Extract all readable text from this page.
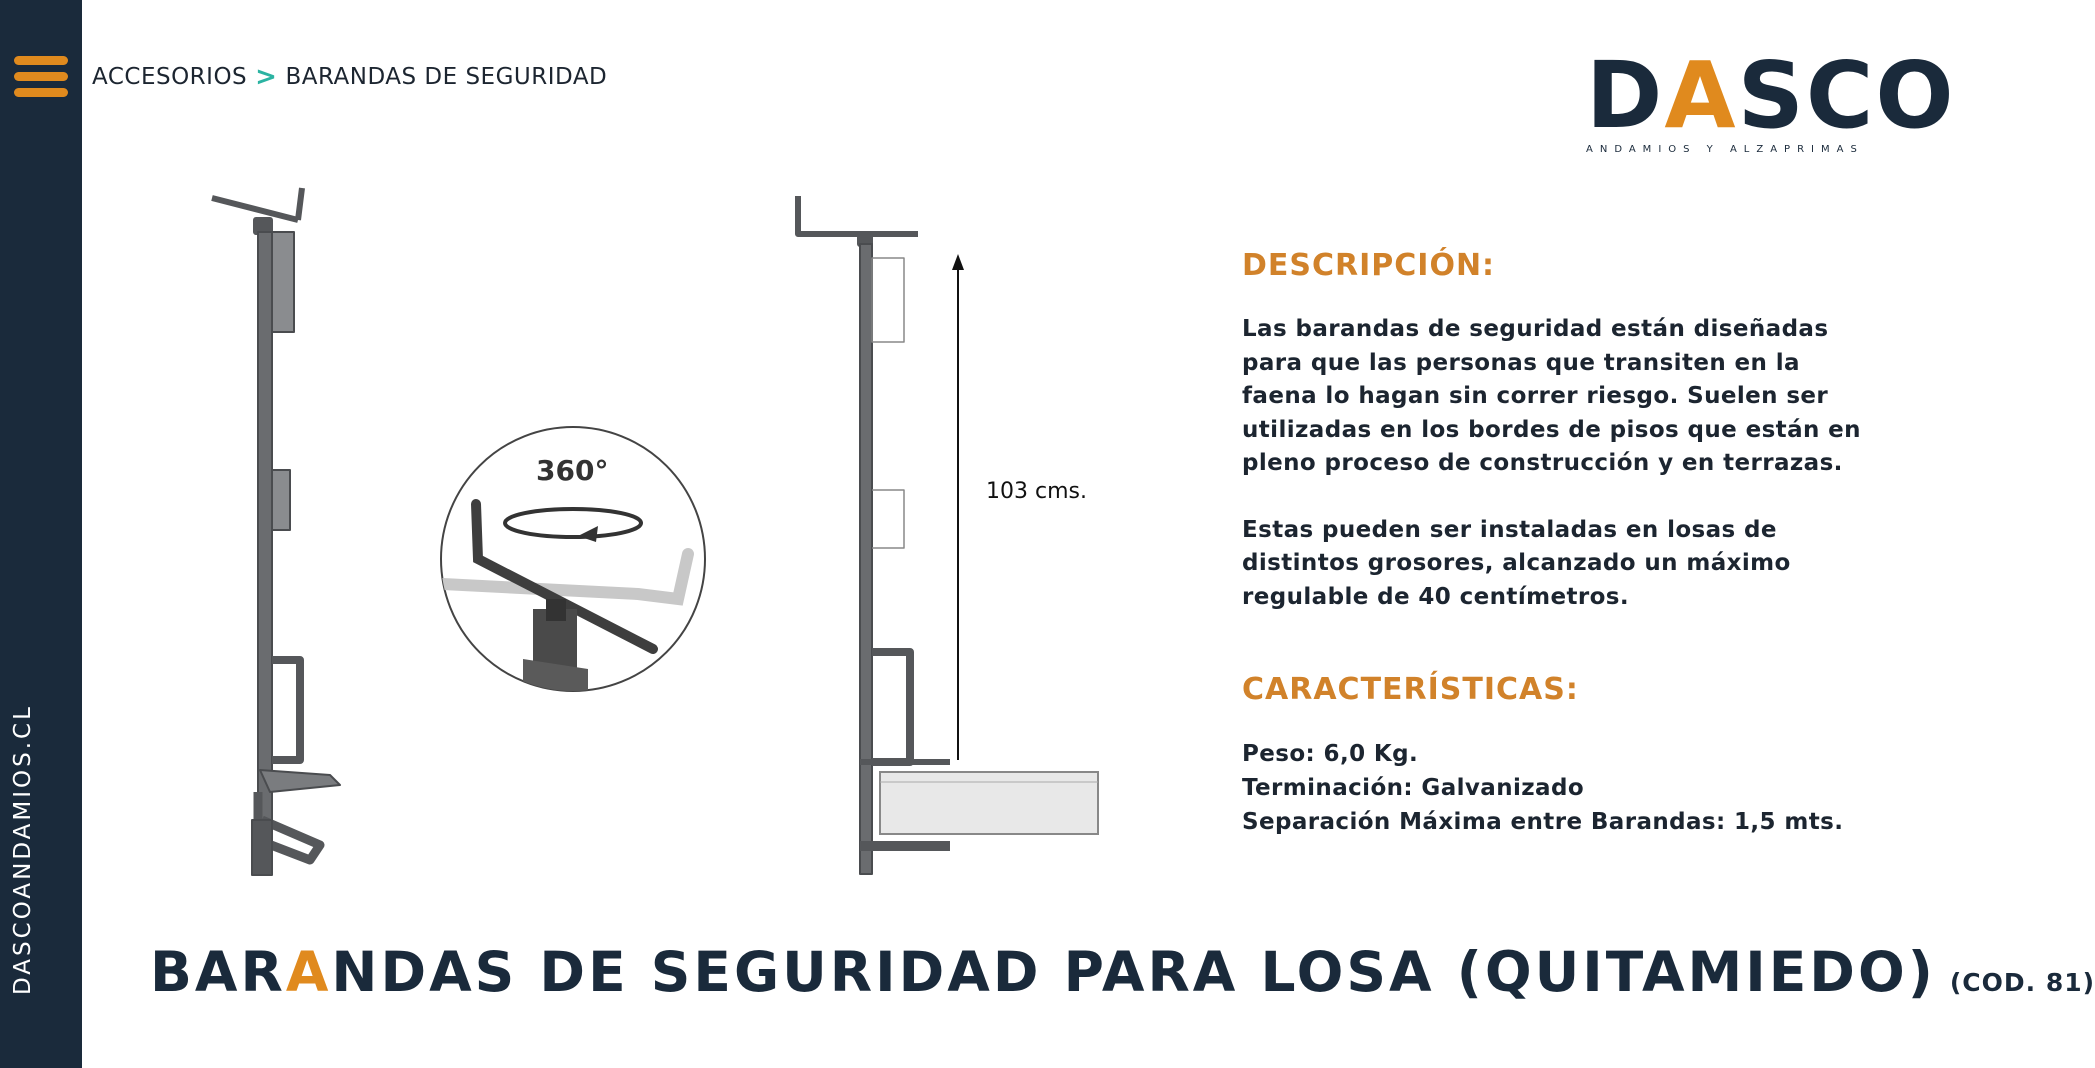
DASCOANDAMIOS.CL
ACCESORIOS > BARANDAS DE SEGURIDAD	DASCO
ANDAMIOS Y ALZAPRIMAS
360°
103 cms.
DESCRIPCIÓN:

Las barandas de seguridad están diseñadas para que las personas que transiten en la faena lo hagan sin correr riesgo. Suelen ser utilizadas en los bordes de pisos que están en pleno proceso de construcción y en terrazas.

Estas pueden ser instaladas en losas de distintos grosores, alcanzado un máximo regulable de 40 centímetros.

CARACTERÍSTICAS:
Peso: 6,0 Kg.
Terminación: Galvanizado
Separación Máxima entre Barandas: 1,5 mts.
BAR A NDAS DE SEGURIDAD PARA LOSA (QUITAMIEDO) (COD. 81)
